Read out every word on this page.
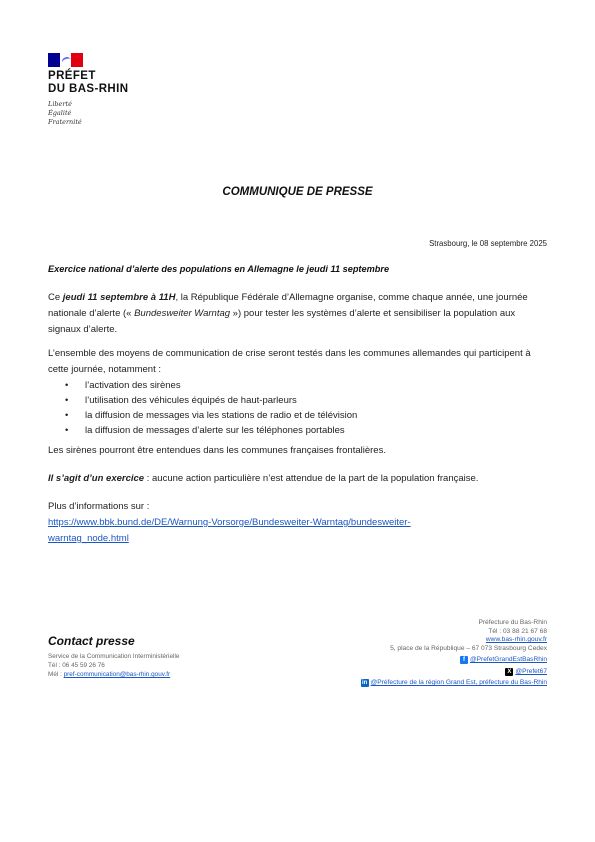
PRÉFET
DU BAS-RHIN
Liberté
Égalité
Fraternité
COMMUNIQUE DE PRESSE
Strasbourg, le 08 septembre 2025
Exercice national d’alerte des populations en Allemagne le jeudi 11 septembre

Ce jeudi 11 septembre à 11H, la République Fédérale d’Allemagne organise, comme chaque année, une journée nationale d’alerte (« Bundesweiter Warntag ») pour tester les systèmes d’alerte et sensibiliser la population aux signaux d’alerte.

L’ensemble des moyens de communication de crise seront testés dans les communes allemandes qui participent à cette journée, notamment :

• l’activation des sirènes
• l’utilisation des véhicules équipés de haut-parleurs
• la diffusion de messages via les stations de radio et de télévision
• la diffusion de messages d’alerte sur les téléphones portables
Les sirènes pourront être entendues dans les communes françaises frontalières.

Il s’agit d’un exercice : aucune action particulière n’est attendue de la part de la population française.

Plus d’informations sur :

https://www.bbk.bund.de/DE/Warnung-Vorsorge/Bundesweiter-Warntag/bundesweiter-
warntag_node.html

Contact presse
Service de la Communication Interministérielle
Tél : 06 45 59 26 76
Mél : pref-communication@bas-rhin.gouv.fr
Préfecture du Bas-Rhin
Tél : 03 88 21 67 68
www.bas-rhin.gouv.fr
5, place de la République – 67 073 Strasbourg Cedex
f @PrefetGrandEstBasRhin
X @Prefet67
in @Préfecture de la région Grand Est, préfecture du Bas-Rhin
